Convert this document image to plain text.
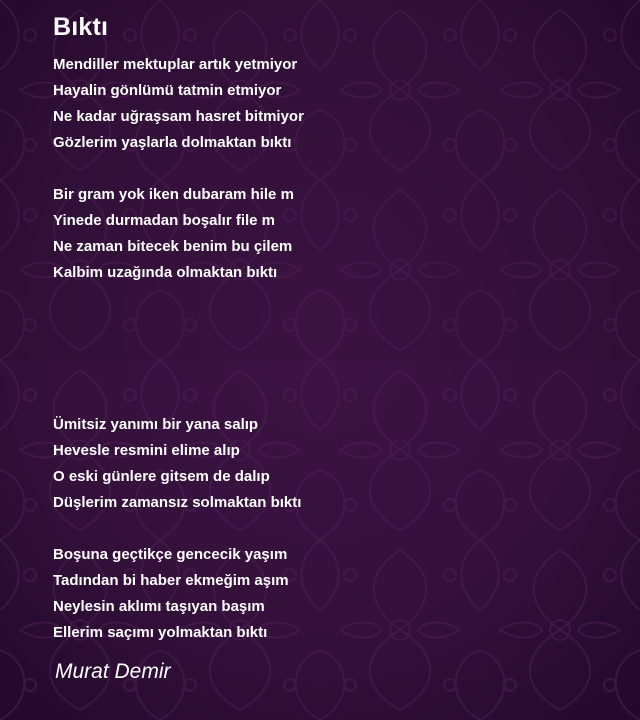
Bıktı
Mendiller mektuplar artık yetmiyor
Hayalin gönlümü tatmin etmiyor
Ne kadar uğraşsam hasret bitmiyor
Gözlerim yaşlarla dolmaktan bıktı
Bir gram yok iken dubaram hile m
Yinede durmadan boşalır file m
Ne zaman bitecek benim bu çilem
Kalbim uzağında olmaktan bıktı
Ümitsiz yanımı bir yana salıp
Hevesle resmini elime alıp
O eski günlere gitsem de dalıp
Düşlerim zamansız solmaktan bıktı
Boşuna geçtikçe gencecik yaşım
Tadından bi haber ekmeğim aşım
Neylesin aklımı taşıyan başım
Ellerim saçımı yolmaktan bıktı
Murat Demir
